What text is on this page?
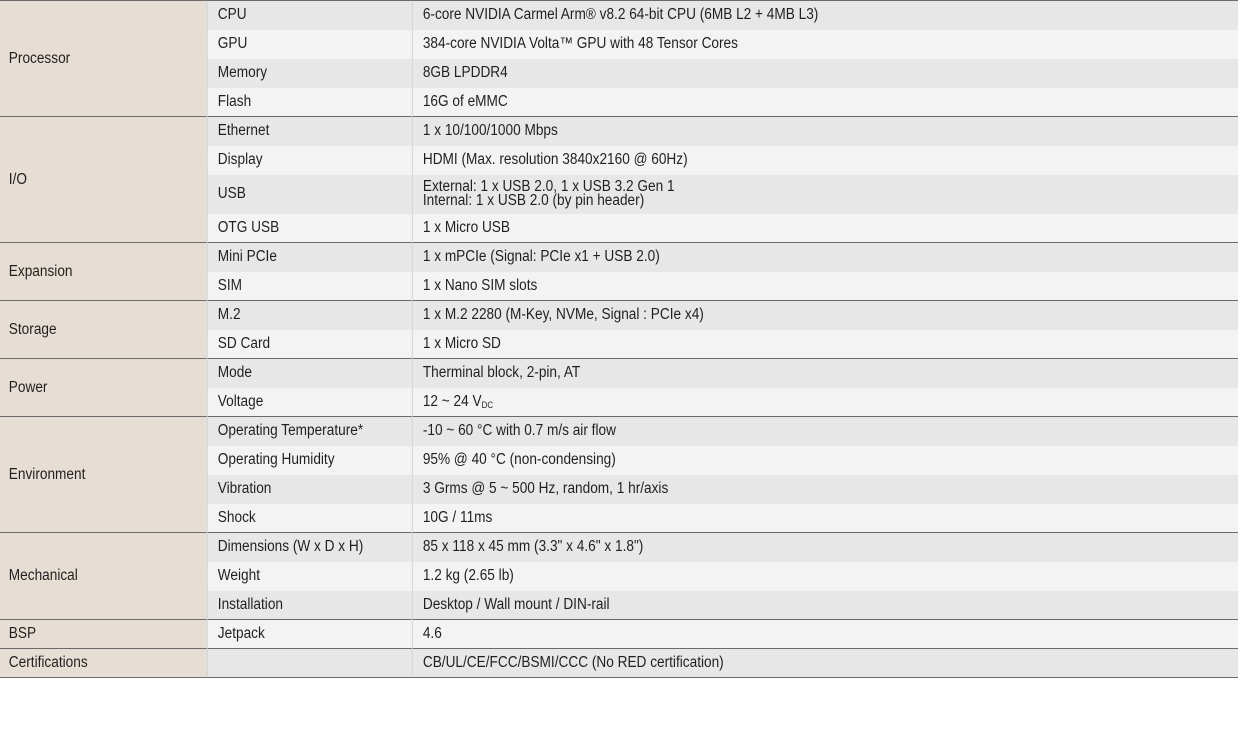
Processor	CPU	6-core NVIDIA Carmel Arm® v8.2 64-bit CPU (6MB L2 + 4MB L3)
	GPU	384-core NVIDIA Volta™ GPU with 48 Tensor Cores
	Memory	8GB LPDDR4
	Flash	16G of eMMC
I/O	Ethernet	1 x 10/100/1000 Mbps
	Display	HDMI (Max. resolution 3840x2160 @ 60Hz)
	USB	External: 1 x USB 2.0, 1 x USB 3.2 Gen 1
Internal: 1 x USB 2.0 (by pin header)

	OTG USB	1 x Micro USB
Expansion	Mini PCIe	1 x mPCIe (Signal: PCIe x1 + USB 2.0)
	SIM	1 x Nano SIM slots
Storage	M.2	1 x M.2 2280 (M-Key, NVMe, Signal : PCIe x4)
	SD Card	1 x Micro SD
Power	Mode	Therminal block, 2-pin, AT
	Voltage	12 ~ 24 $V_{DC}$
Environment	Operating Temperature*	-10 ~ 60 °C with 0.7 m/s air flow
	Operating Humidity	95% @ 40 °C (non-condensing)
	Vibration	3 Grms @ 5 ~ 500 Hz, random, 1 hr/axis
	Shock	10G / 11ms
Mechanical	Dimensions (W x D x H)	85 x 118 x 45 mm (3.3" x 4.6" x 1.8")
	Weight	1.2 kg (2.65 lb)
	Installation	Desktop / Wall mount / DIN-rail
BSP	Jetpack	4.6
Certifications		CB/UL/CE/FCC/BSMI/CCC (No RED certification)
